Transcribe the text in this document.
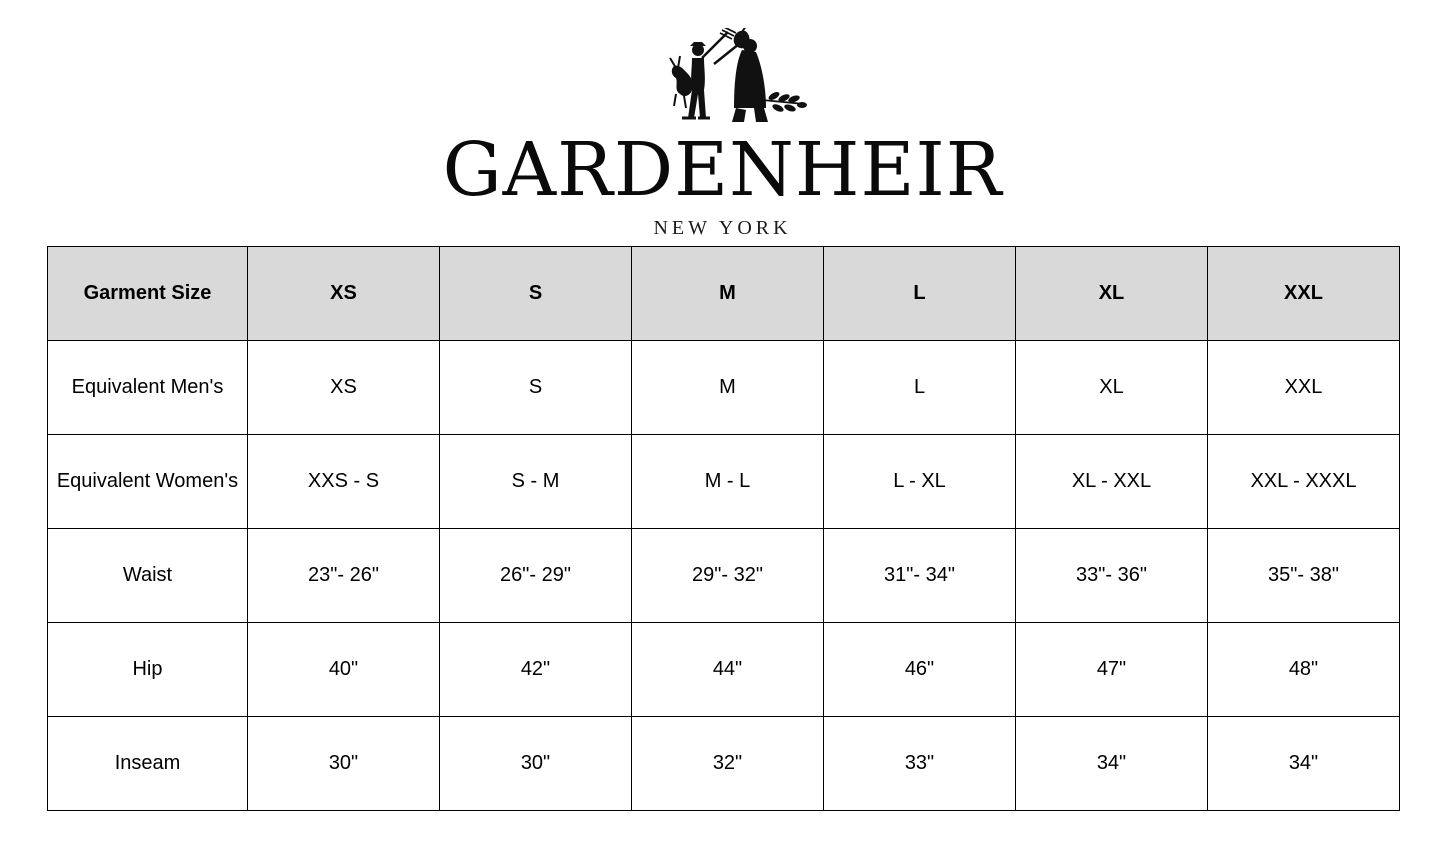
GARDENHEIR
NEW YORK
Garment Size	XS	S	M	L	XL	XXL
Equivalent Men's	XS	S	M	L	XL	XXL
Equivalent Women's	XXS - S	S - M	M - L	L - XL	XL - XXL	XXL - XXXL
Waist	23"- 26"	26"- 29"	29"- 32"	31"- 34"	33"- 36"	35"- 38"
Hip	40"	42"	44"	46"	47"	48"
Inseam	30"	30"	32"	33"	34"	34"
